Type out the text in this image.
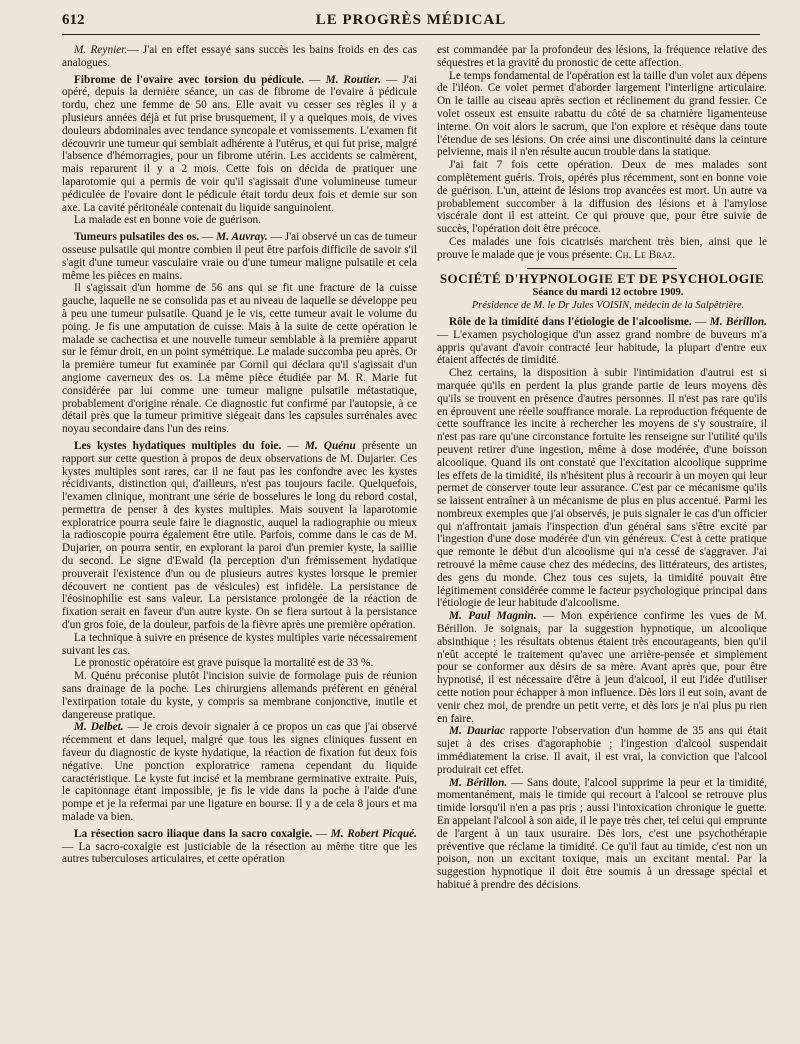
612	LE PROGRÈS MÉDICAL

M. Reynier.— J'ai en effet essayé sans succès les bains froids en des cas analogues.

Fibrome de l'ovaire avec torsion du pédicule. — M. Routier. — J'ai opéré, depuis la dernière séance, un cas de fibrome de l'ovaire à pédicule tordu, chez une femme de 50 ans. Elle avait vu cesser ses règles il y a plusieurs années déjà et fut prise brusquement, il y a quelques mois, de vives douleurs abdominales avec tendance syncopale et vomissements. L'examen fit découvrir une tumeur qui semblait adhérente à l'utérus, et qui fut prise, malgré l'absence d'hémorragies, pour un fibrome utérin. Les accidents se calmèrent, mais reparurent il y a 2 mois. Cette fois on décida de pratiquer une laparotomie qui a permis de voir qu'il s'agissait d'une volumineuse tumeur pédiculée de l'ovaire dont le pédicule était tordu deux fois et demie sur son axe. La cavité péritonéale contenait du liquide sanguinolent.

La malade est en bonne voie de guérison.

Tumeurs pulsatiles des os. — M. Auvray. — J'ai observé un cas de tumeur osseuse pulsatile qui montre combien il peut être parfois difficile de savoir s'il s'agit d'une tumeur vasculaire vraie ou d'une tumeur maligne pulsatile et cela même les pièces en mains.

Il s'agissait d'un homme de 56 ans qui se fit une fracture de la cuisse gauche, laquelle ne se consolida pas et au niveau de laquelle se développe peu à peu une tumeur pulsatile. Quand je le vis, cette tumeur avait le volume du poing. Je fis une amputation de cuisse. Mais à la suite de cette opération le malade se cachectisa et une nouvelle tumeur semblable à la première apparut sur le fémur droit, en un point symétrique. Le malade succomba peu après. Or la première tumeur fut examinée par Cornil qui déclara qu'il s'agissait d'un angiome caverneux des os. La même pièce étudiée par M. R. Marie fut considérée par lui comme une tumeur maligne pulsatile métastatique, probablement d'origine rénale. Ce diagnostic fut confirmé par l'autopsie, à ce détail près que la tumeur primitive siégeait dans les capsules surrénales avec noyau secondaire dans l'un des reins.

Les kystes hydatiques multiples du foie. — M. Quénu présente un rapport sur cette question à propos de deux observations de M. Dujarier. Ces kystes multiples sont rares, car il ne faut pas les confondre avec les kystes récidivants, distinction qui, d'ailleurs, n'est pas toujours facile. Quelquefois, l'examen clinique, montrant une série de bosselures le long du rebord costal, permettra de penser à des kystes multiples. Mais souvent la laparotomie exploratrice pourra seule faire le diagnostic, auquel la radiographie ou mieux la radioscopie pourra également être utile. Parfois, comme dans le cas de M. Dujarier, on pourra sentir, en explorant la paroi d'un premier kyste, la saillie du second. Le signe d'Ewald (la perception d'un frémissement hydatique prouverait l'existence d'un ou de plusieurs autres kystes lorsque le premier découvert ne contient pas de vésicules) est infidèle. La persistance de l'éosinophilie est sans valeur. La persistance prolongée de la réaction de fixation serait en faveur d'un autre kyste. On se fiera surtout à la persistance d'un gros foie, de la douleur, parfois de la fièvre après une première opération.

La technique à suivre en présence de kystes multiples varie nécessairement suivant les cas.

Le pronostic opératoire est grave puisque la mortalité est de 33 %.

M. Quénu préconise plutôt l'incision suivie de formolage puis de réunion sans drainage de la poche. Les chirurgiens allemands préfèrent en général l'extirpation totale du kyste, y compris sa membrane conjonctive, inutile et dangereuse pratique.

M. Delbet. — Je crois devoir signaler à ce propos un cas que j'ai observé récemment et dans lequel, malgré que tous les signes cliniques fussent en faveur du diagnostic de kyste hydatique, la réaction de fixation fut deux fois négative. Une ponction exploratrice ramena cependant du liquide caractéristique. Le kyste fut incisé et la membrane germinative extraite. Puis, le capitonnage étant impossible, je fis le vide dans la poche à l'aide d'une pompe et je la refermai par une ligature en bourse. Il y a de cela 8 jours et ma malade va bien.

La résection sacro iliaque dans la sacro coxalgie. — M. Robert Picqué. — La sacro-coxalgie est justiciable de la résection au même titre que les autres tuberculoses articulaires, et cette opération

est commandée par la profondeur des lésions, la fréquence relative des séquestres et la gravité du pronostic de cette affection.

Le temps fondamental de l'opération est la taille d'un volet aux dépens de l'iléon. Ce volet permet d'aborder largement l'interligne articulaire. On le taille au ciseau après section et réclinement du grand fessier. Ce volet osseux est ensuite rabattu du côté de sa charnière ligamenteuse interne. On voit alors le sacrum, que l'on explore et résèque dans toute l'étendue de ses lésions. On crée ainsi une discontinuité dans la ceinture pelvienne, mais il n'en résulte aucun trouble dans la statique.

J'ai fait 7 fois cette opération. Deux de mes malades sont complètement guéris. Trois, opérés plus récemment, sont en bonne voie de guérison. L'un, atteint de lésions trop avancées est mort. Un autre va probablement succomber à la diffusion des lésions et à l'amylose viscérale dont il est atteint. Ce qui prouve que, pour être suivie de succès, l'opération doit être précoce.

Ces malades une fois cicatrisés marchent très bien, ainsi que le prouve le malade que je vous présente. Ch. Le Braz.

SOCIÉTÉ D'HYPNOLOGIE ET DE PSYCHOLOGIE

Séance du mardi 12 octobre 1909.

Présidence de M. le Dr Jules VOISIN, médecin de la Salpêtrière.

Rôle de la timidité dans l'étiologie de l'alcoolisme. — M. Bérillon. — L'examen psychologique d'un assez grand nombre de buveurs m'a appris qu'avant d'avoir contracté leur habitude, la plupart d'entre eux étaient affectés de timidité.

Chez certains, la disposition à subir l'intimidation d'autrui est si marquée qu'ils en perdent la plus grande partie de leurs moyens dès qu'ils se trouvent en présence d'autres personnes. Il n'est pas rare qu'ils en éprouvent une réelle souffrance morale. La reproduction fréquente de cette souffrance les incite à rechercher les moyens de s'y soustraire, il n'est pas rare qu'une circonstance fortuite les renseigne sur l'utilité qu'ils peuvent retirer d'une ingestion, même à dose modérée, d'une boisson alcoolique. Quand ils ont constaté que l'excitation alcoolique supprime les effets de la timidité, ils n'hésitent plus à recourir à un moyen qui leur permet de conserver toute leur assurance. C'est par ce mécanisme qu'ils se laissent entraîner à un mécanisme de plus en plus accentué. Parmi les nombreux exemples que j'ai observés, je puis signaler le cas d'un officier qui n'affrontait jamais l'inspection d'un général sans s'être excité par l'ingestion d'une dose modérée d'un vin généreux. C'est à cette pratique que remonte le début d'un alcoolisme qui n'a cessé de s'aggraver. J'ai retrouvé la même cause chez des médecins, des littérateurs, des artistes, des gens du monde. Chez tous ces sujets, la timidité pouvait être légitimement considérée comme le facteur psychologique principal dans l'étiologie de leur habitude d'alcoolisme.

M. Paul Magnin. — Mon expérience confirme les vues de M. Bérillon. Je soignais, par la suggestion hypnotique, un alcoolique absinthique ; les résultats obtenus étaient très encourageants, bien qu'il n'eût accepté le traitement qu'avec une arrière-pensée et simplement pour se conformer aux désirs de sa mère. Avant après que, pour être hypnotisé, il est nécessaire d'être à jeun d'alcool, il eut l'idée d'utiliser cette notion pour échapper à mon influence. Dès lors il eut soin, avant de venir chez moi, de prendre un petit verre, et dès lors je n'ai plus pu rien en faire.

M. Dauriac rapporte l'observation d'un homme de 35 ans qui était sujet à des crises d'agoraphobie ; l'ingestion d'alcool suspendait immédiatement la crise. Il avait, il est vrai, la conviction que l'alcool produirait cet effet.

M. Bérillon. — Sans doute, l'alcool supprime la peur et la timidité, momentanément, mais le timide qui recourt à l'alcool se retrouve plus timide lorsqu'il n'en a pas pris ; aussi l'intoxication chronique le guette. En appelant l'alcool à son aide, il le paye très cher, tel celui qui emprunte de l'argent à un taux usuraire. Dès lors, c'est une psychothérapie préventive que réclame la timidité. Ce qu'il faut au timide, c'est non un poison, non un excitant toxique, mais un excitant mental. Par la suggestion hypnotique il doit être soumis à un dressage spécial et habitué à prendre des décisions.
